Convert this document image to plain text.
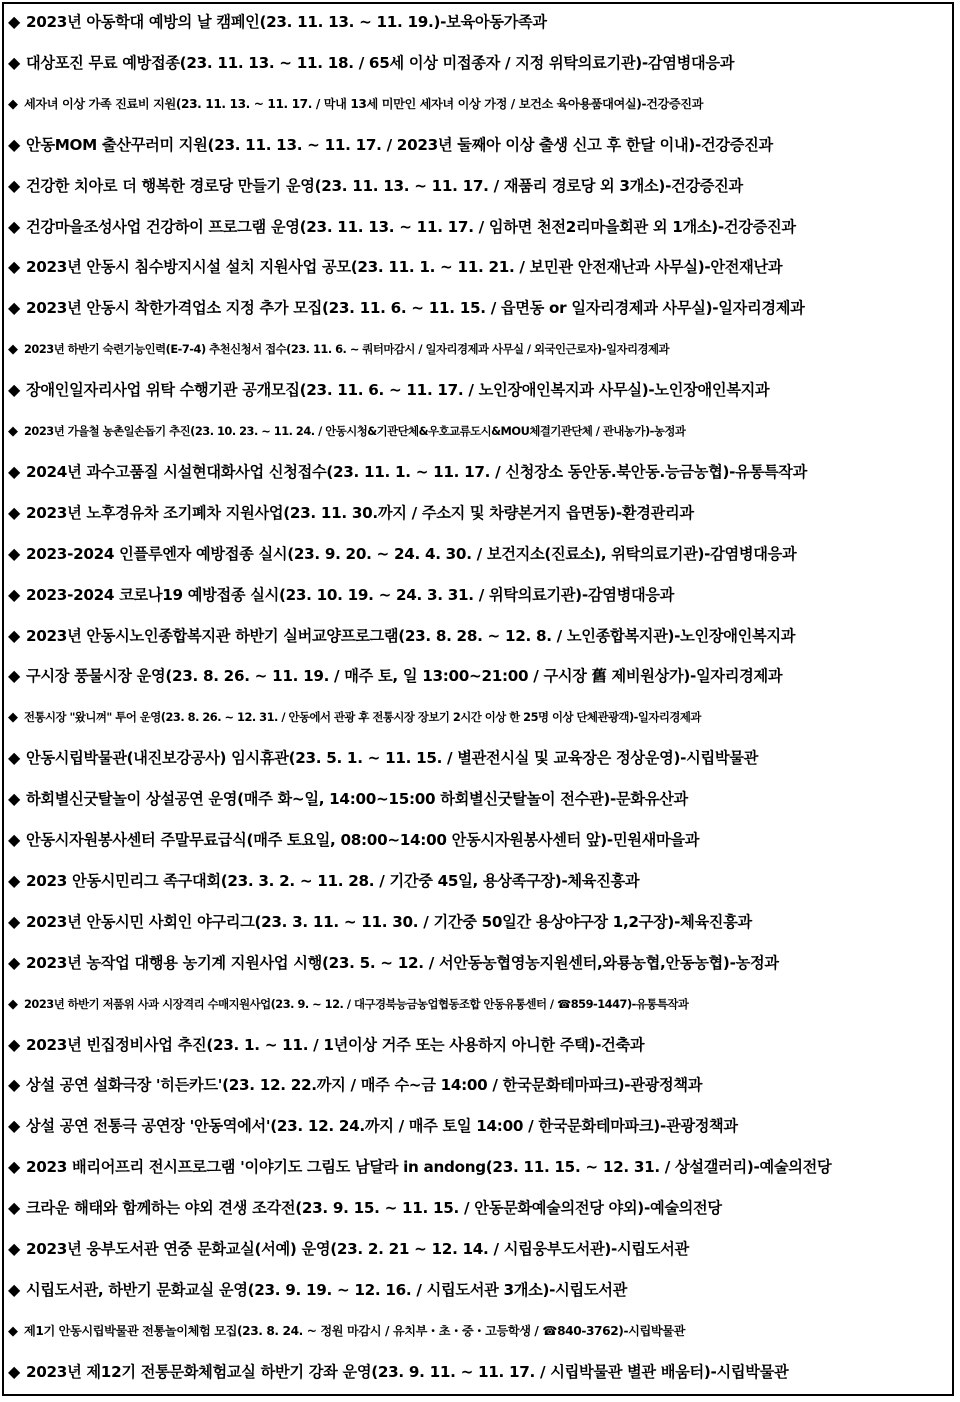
◆ 2023년 아동학대 예방의 날 캠페인(23. 11. 13. ~ 11. 19.)-보육아동가족과
◆ 대상포진 무료 예방접종(23. 11. 13. ~ 11. 18. / 65세 이상 미접종자 / 지정 위탁의료기관)-감염병대응과
◆ 세자녀 이상 가족 진료비 지원(23. 11. 13. ~ 11. 17. / 막내 13세 미만인 세자녀 이상 가정 / 보건소 육아용품대여실)-건강증진과
◆ 안동MOM 출산꾸러미 지원(23. 11. 13. ~ 11. 17. / 2023년 둘째아 이상 출생 신고 후 한달 이내)-건강증진과
◆ 건강한 치아로 더 행복한 경로당 만들기 운영(23. 11. 13. ~ 11. 17. / 재품리 경로당 외 3개소)-건강증진과
◆ 건강마을조성사업 건강하이 프로그램 운영(23. 11. 13. ~ 11. 17. / 임하면 천전2리마을회관 외 1개소)-건강증진과
◆ 2023년 안동시 침수방지시설 설치 지원사업 공모(23. 11. 1. ~ 11. 21. / 보민관 안전재난과 사무실)-안전재난과
◆ 2023년 안동시 착한가격업소 지정 추가 모집(23. 11. 6. ~ 11. 15. / 읍면동 or 일자리경제과 사무실)-일자리경제과
◆ 2023년 하반기 숙련기능인력(E-7-4) 추천신청서 접수(23. 11. 6. ~ 쿼터마감시 / 일자리경제과 사무실 / 외국인근로자)-일자리경제과
◆ 장애인일자리사업 위탁 수행기관 공개모집(23. 11. 6. ~ 11. 17. / 노인장애인복지과 사무실)-노인장애인복지과
◆ 2023년 가을철 농촌일손돕기 추진(23. 10. 23. ~ 11. 24. / 안동시청&기관단체&우호교류도시&MOU체결기관단체 / 관내농가)-농정과
◆ 2024년 과수고품질 시설현대화사업 신청접수(23. 11. 1. ~ 11. 17. / 신청장소 동안동.북안동.능금농협)-유통특작과
◆ 2023년 노후경유차 조기폐차 지원사업(23. 11. 30.까지 / 주소지 및 차량본거지 읍면동)-환경관리과
◆ 2023-2024 인플루엔자 예방접종 실시(23. 9. 20. ~ 24. 4. 30. / 보건지소(진료소), 위탁의료기관)-감염병대응과
◆ 2023-2024 코로나19 예방접종 실시(23. 10. 19. ~ 24. 3. 31. / 위탁의료기관)-감염병대응과
◆ 2023년 안동시노인종합복지관 하반기 실버교양프로그램(23. 8. 28. ~ 12. 8. / 노인종합복지관)-노인장애인복지과
◆ 구시장 풍물시장 운영(23. 8. 26. ~ 11. 19. / 매주 토, 일 13:00~21:00 / 구시장 舊 제비원상가)-일자리경제과
◆ 전통시장 "왔니껴" 투어 운영(23. 8. 26. ~ 12. 31. / 안동에서 관광 후 전통시장 장보기 2시간 이상 한 25명 이상 단체관광객)-일자리경제과
◆ 안동시립박물관(내진보강공사) 임시휴관(23. 5. 1. ~ 11. 15. / 별관전시실 및 교육장은 정상운영)-시립박물관
◆ 하회별신굿탈놀이 상설공연 운영(매주 화~일, 14:00~15:00 하회별신굿탈놀이 전수관)-문화유산과
◆ 안동시자원봉사센터 주말무료급식(매주 토요일, 08:00~14:00 안동시자원봉사센터 앞)-민원새마을과
◆ 2023 안동시민리그 족구대회(23. 3. 2. ~ 11. 28. / 기간중 45일, 용상족구장)-체육진흥과
◆ 2023년 안동시민 사회인 야구리그(23. 3. 11. ~ 11. 30. / 기간중 50일간 용상야구장 1,2구장)-체육진흥과
◆ 2023년 농작업 대행용 농기계 지원사업 시행(23. 5. ~ 12. / 서안동농협영농지원센터,와룡농협,안동농협)-농정과
◆ 2023년 하반기 저품위 사과 시장격리 수매지원사업(23. 9. ~ 12. / 대구경북능금농업협동조합 안동유통센터 / ☎859-1447)-유통특작과
◆ 2023년 빈집정비사업 추진(23. 1. ~ 11. / 1년이상 거주 또는 사용하지 아니한 주택)-건축과
◆ 상설 공연 설화극장 '히든카드'(23. 12. 22.까지 / 매주 수~금 14:00 / 한국문화테마파크)-관광정책과
◆ 상설 공연 전통극 공연장 '안동역에서'(23. 12. 24.까지 / 매주 토일 14:00 / 한국문화테마파크)-관광정책과
◆ 2023 배리어프리 전시프로그램 '이야기도 그림도 남달라 in andong(23. 11. 15. ~ 12. 31. / 상설갤러리)-예술의전당
◆ 크라운 해태와 함께하는 야외 견생 조각전(23. 9. 15. ~ 11. 15. / 안동문화예술의전당 야외)-예술의전당
◆ 2023년 웅부도서관 연중 문화교실(서예) 운영(23. 2. 21 ~ 12. 14. / 시립웅부도서관)-시립도서관
◆ 시립도서관, 하반기 문화교실 운영(23. 9. 19. ~ 12. 16. / 시립도서관 3개소)-시립도서관
◆ 제1기 안동시립박물관 전통놀이체험 모집(23. 8. 24. ~ 정원 마감시 / 유치부・초・중・고등학생 / ☎840-3762)-시립박물관
◆ 2023년 제12기 전통문화체험교실 하반기 강좌 운영(23. 9. 11. ~ 11. 17. / 시립박물관 별관 배움터)-시립박물관
